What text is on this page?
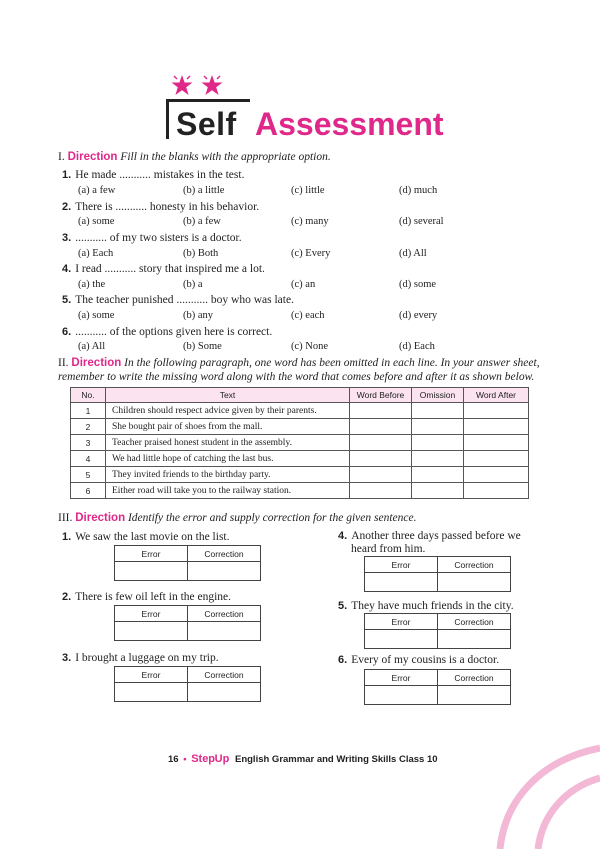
Self Assessment
I. Direction Fill in the blanks with the appropriate option.
1. He made ........... mistakes in the test.
(a) a few	(b) a little	(c) little	(d) much
2. There is ........... honesty in his behavior.
(a) some	(b) a few	(c) many	(d) several
3. ........... of my two sisters is a doctor.
(a) Each	(b) Both	(c) Every	(d) All
4. I read ........... story that inspired me a lot.
(a) the	(b) a	(c) an	(d) some
5. The teacher punished ........... boy who was late.
(a) some	(b) any	(c) each	(d) every
6. ........... of the options given here is correct.
(a) All	(b) Some	(c) None	(d) Each
II. Direction In the following paragraph, one word has been omitted in each line. In your answer sheet,
remember to write the missing word along with the word that comes before and after it as shown below.
No.	Text	Word Before	Omission	Word After
1	Children should respect advice given by their parents.			
2	She bought pair of shoes from the mall.			
3	Teacher praised honest student in the assembly.			
4	We had little hope of catching the last bus.			
5	They invited friends to the birthday party.			
6	Either road will take you to the railway station.			
III. Direction Identify the error and supply correction for the given sentence.
1. We saw the last movie on the list.
Error	Correction

2. There is few oil left in the engine.
Error	Correction

3. I brought a luggage on my trip.
Error	Correction

4. Another three days passed before we
heard from him.
Error	Correction

5. They have much friends in the city.
Error	Correction

6. Every of my cousins is a doctor.
Error	Correction

16 • Step Up English Grammar and Writing Skills Class 10
